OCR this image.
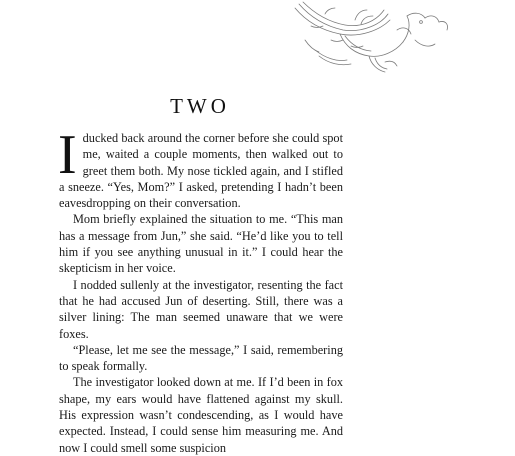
TWO

I ducked back around the corner before she could spot me, waited a couple moments, then walked out to greet them both. My nose tickled again, and I stifled a sneeze. “Yes, Mom?” I asked, pretending I hadn’t been eavesdropping on their conversation.

Mom briefly explained the situation to me. “This man has a message from Jun,” she said. “He’d like you to tell him if you see anything unusual in it.” I could hear the skepticism in her voice.

I nodded sullenly at the investigator, resenting the fact that he had accused Jun of deserting. Still, there was a silver lining: The man seemed unaware that we were foxes.

“Please, let me see the message,” I said, remembering to speak formally.

The investigator looked down at me. If I’d been in fox shape, my ears would have flattened against my skull. His expression wasn’t condescending, as I would have expected. Instead, I could sense him measuring me. And now I could smell some suspicion
